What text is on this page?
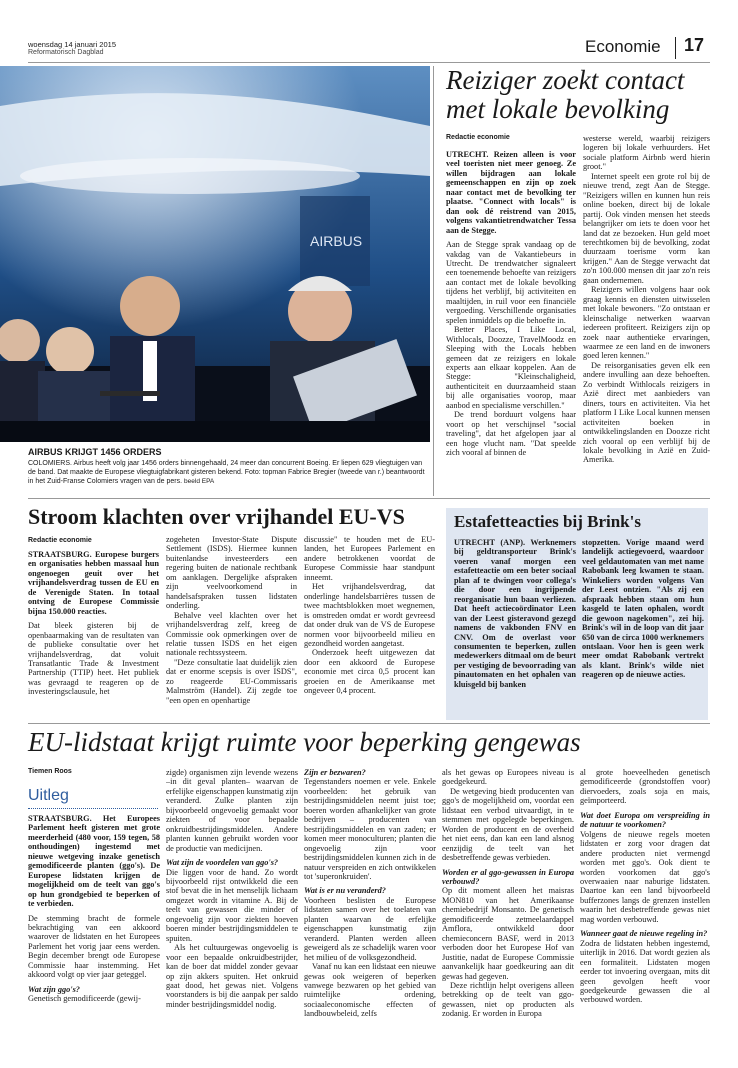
woensdag 14 januari 2015
Reformatorisch Dagblad	Economie 17
AIRBUS
AIRBUS KRIJGT 1456 ORDERS
COLOMIERS. Airbus heeft volg jaar 1456 orders binnengehaald, 24 meer dan concurrent Boeing. Er liepen 629 vliegtuigen van de band. Dat maakte de Europese vliegtuigfabrikant gisteren bekend. Foto: topman Fabrice Bregier (tweede van r.) beantwoordt in het Zuid-Franse Colomiers vragen van de pers. beeld EPA
Reiziger zoekt contact met lokale bevolking
Redactie economie

UTRECHT. Reizen alleen is voor veel toeristen niet meer genoeg. Ze willen bijdragen aan lokale gemeenschappen en zijn op zoek naar contact met de bevolking ter plaatse. "Connect with locals" is dan ook dé reistrend van 2015, volgens vakantietrendwatcher Tessa aan de Stegge.

Aan de Stegge sprak vandaag op de vakdag van de Vakantiebeurs in Utrecht. De trendwatcher signaleert een toenemende behoefte van reizigers aan contact met de lokale bevolking tijdens het verblijf, bij activiteiten en maaltijden, in ruil voor een financiële vergoeding. Verschillende organisaties spelen inmiddels op die behoefte in.

Better Places, I Like Local, Withlocals, Doozze, TravelMoodz en Sleeping with the Locals hebben gemeen dat ze reizigers en lokale experts aan elkaar koppelen. Aan de Stegge: "Kleinschaligheid, authenticiteit en duurzaamheid staan bij alle organisaties voorop, maar aanbod en specialisme verschillen."

De trend borduurt volgens haar voort op het verschijnsel "social traveling", dat het afgelopen jaar al een hoge vlucht nam. "Dat speelde zich vooral af binnen de

westerse wereld, waarbij reizigers logeren bij lokale verhuurders. Het sociale platform Airbnb werd hierin groot."

Internet speelt een grote rol bij de nieuwe trend, zegt Aan de Stegge. "Reizigers willen en kunnen hun reis online boeken, direct bij de lokale partij. Ook vinden mensen het steeds belangrijker om iets te doen voor het land dat ze bezoeken. Hun geld moet terechtkomen bij de bevolking, zodat duurzaam toerisme vorm kan krijgen." Aan de Stegge verwacht dat zo'n 100.000 mensen dit jaar zo'n reis gaan ondernemen.

Reizigers willen volgens haar ook graag kennis en diensten uitwisselen met lokale bewoners. "Zo ontstaan er kleinschalige netwerken waarvan iedereen profiteert. Reizigers zijn op zoek naar authentieke ervaringen, waarmee ze een land en de inwoners goed leren kennen."

De reisorganisaties geven elk een andere invulling aan deze behoeften. Zo verbindt Withlocals reizigers in Azië direct met aanbieders van diners, tours en activiteiten. Via het platform I Like Local kunnen mensen activiteiten boeken in ontwikkelingslanden en Doozze richt zich vooral op een verblijf bij de lokale bevolking in Azië en Zuid-Amerika.

Stroom klachten over vrijhandel EU-VS
Redactie economie

STRAATSBURG. Europese burgers en organisaties hebben massaal hun ongenoegen geuit over het vrijhandelsverdrag tussen de EU en de Verenigde Staten. In totaal ontving de Europese Commissie bijna 150.000 reacties.

Dat bleek gisteren bij de openbaarmaking van de resultaten van de publieke consultatie over het vrijhandelsverdrag, dat voluit Transatlantic Trade & Investment Partnership (TTIP) heet. Het publiek was gevraagd te reageren op de investeringsclausule, het

zogeheten Investor-State Dispute Settlement (ISDS). Hiermee kunnen buitenlandse investeerders een regering buiten de nationale rechtbank om aanklagen. Dergelijke afspraken zijn veelvoorkomend in handelsafspraken tussen lidstaten onderling.

Behalve veel klachten over het vrijhandelsverdrag zelf, kreeg de Commissie ook opmerkingen over de relatie tussen ISDS en het eigen nationale rechtssysteem.

"Deze consultatie laat duidelijk zien dat er enorme scepsis is over ISDS", zo reageerde EU-Commissaris Malmström (Handel). Zij zegde toe "een open en openhartige

discussie" te houden met de EU-landen, het Europees Parlement en andere betrokkenen voordat de Europese Commissie haar standpunt inneemt.

Het vrijhandelsverdrag, dat onderlinge handelsbarrières tussen de twee machtsblokken moet wegnemen, is omstreden omdat er wordt gevreesd dat onder druk van de VS de Europese normen voor bijvoorbeeld milieu en gezondheid worden aangetast.

Onderzoek heeft uitgewezen dat door een akkoord de Europese economie met circa 0,5 procent kan groeien en de Amerikaanse met ongeveer 0,4 procent.

Estafetteacties bij Brink's

UTRECHT (ANP). Werknemers bij geldtransporteur Brink's voeren vanaf morgen een estafetteactie om een beter sociaal plan af te dwingen voor collega's die door een ingrijpende reorganisatie hun baan verliezen. Dat heeft actiecoördinator Leen van der Leest gisteravond gezegd namens de vakbonden FNV en CNV. Om de overlast voor consumenten te beperken, zullen medewerkers ditmaal om de beurt per vestiging de bevoorrading van pinautomaten en het ophalen van kluisgeld bij banken

stopzetten. Vorige maand werd landelijk actiegevoerd, waardoor veel geldautomaten van met name Rabobank leeg kwamen te staan. Winkeliers worden volgens Van der Leest ontzien. "Als zij een afspraak hebben staan om hun kasgeld te laten ophalen, wordt die gewoon nagekomen", zei hij. Brink's wil in de loop van dit jaar 650 van de circa 1000 werknemers ontslaan. Voor hen is geen werk meer omdat Rabobank vertrekt als klant. Brink's wilde niet reageren op de nieuwe acties.

EU-lidstaat krijgt ruimte voor beperking gengewas
Tiemen Roos
Uitleg

STRAATSBURG. Het Europees Parlement heeft gisteren met grote meerderheid (480 voor, 159 tegen, 58 onthoudingen) ingestemd met nieuwe wetgeving inzake genetisch gemodificeerde planten (ggo's). De Europese lidstaten krijgen de mogelijkheid om de teelt van ggo's op hun grondgebied te beperken of te verbieden.

De stemming bracht de formele bekrachtiging van een akkoord waarover de lidstaten en het Europees Parlement het vorig jaar eens werden. Begin december brengt ode Europese Commissie haar instemming. Het akkoord volgt op vier jaar geteggel.

Wat zijn ggo's?

Genetisch gemodificeerde (gewij-

zigde) organismen zijn levende wezens –in dit geval planten– waarvan de erfelijke eigenschappen kunstmatig zijn veranderd. Zulke planten zijn bijvoorbeeld ongevoelig gemaakt voor ziekten of voor bepaalde onkruidbestrijdingsmiddelen. Andere planten kunnen gebruikt worden voor de productie van medicijnen.

Wat zijn de voordelen van ggo's?

Die liggen voor de hand. Zo wordt bijvoorbeeld rijst ontwikkeld die een stof bevat die in het menselijk lichaam omgezet wordt in vitamine A. Bij de teelt van gewassen die minder of ongevoelig zijn voor ziekten hoeven boeren minder bestrijdingsmiddelen te spuiten.

Als het cultuurgewas ongevoelig is voor een bepaalde onkruidbestrijder, kan de boer dat middel zonder gevaar op zijn akkers spuiten. Het onkruid gaat dood, het gewas niet. Volgens voorstanders is bij die aanpak per saldo minder bestrijdingsmiddel nodig.

Zijn er bezwaren?

Tegenstanders noemen er vele. Enkele voorbeelden: het gebruik van bestrijdingsmiddelen neemt juist toe; boeren worden afhankelijker van grote bedrijven – producenten van bestrijdingsmiddelen en van zaden; er komen meer monoculturen; planten die ongevoelig zijn voor bestrijdingsmiddelen kunnen zich in de natuur verspreiden en zich ontwikkelen tot 'superonkruiden'.

Wat is er nu veranderd?

Voorheen beslisten de Europese lidstaten samen over het toelaten van planten waarvan de erfelijke eigenschappen kunstmatig zijn veranderd. Planten werden alleen geweigerd als ze schadelijk waren voor het milieu of de volksgezondheid.

Vanaf nu kan een lidstaat een nieuwe gewas ook weigeren of beperken vanwege bezwaren op het gebied van ruimtelijke ordening, sociaaleconomische effecten of landbouwbeleid, zelfs

als het gewas op Europees niveau is goedgekeurd.

De wetgeving biedt producenten van ggo's de mogelijkheid om, voordat een lidstaat een verbod uitvaardigt, in te stemmen met opgelegde beperkingen. Worden de producent en de overheid het niet eens, dan kan een land alsnog eenzijdig de teelt van het desbetreffende gewas verbieden.

Worden er al ggo-gewassen in Europa verbouwd?

Op dit moment alleen het maisras MON810 van het Amerikaanse chemiebedrijf Monsanto. De genetisch gemodificeerde zetmeelaardappel Amflora, ontwikkeld door chemieconcern BASF, werd in 2013 verboden door het Europese Hof van Justitie, nadat de Europese Commissie aanvankelijk haar goedkeuring aan dit gewas had gegeven.

Deze richtlijn helpt overigens alleen betrekking op de teelt van ggo-gewassen, niet op producten als zodanig. Er worden in Europa

al grote hoeveelheden genetisch gemodificeerde (grondstoffen voor) diervoeders, zoals soja en mais, geïmporteerd.

Wat doet Europa om verspreiding in de natuur te voorkomen?

Volgens de nieuwe regels moeten lidstaten er zorg voor dragen dat andere producten niet vermengd worden met ggo's. Ook dient te worden voorkomen dat ggo's overwaaien naar naburige lidstaten. Daartoe kan een land bijvoorbeeld bufferzones langs de grenzen instellen waarin het desbetreffende gewas niet mag worden verbouwd.

Wanneer gaat de nieuwe regeling in?

Zodra de lidstaten hebben ingestemd, uiterlijk in 2016. Dat wordt gezien als een formaliteit. Lidstaten mogen eerder tot invoering overgaan, mits dit geen gevolgen heeft voor goedgekeurde gewassen die al verbouwd worden.
